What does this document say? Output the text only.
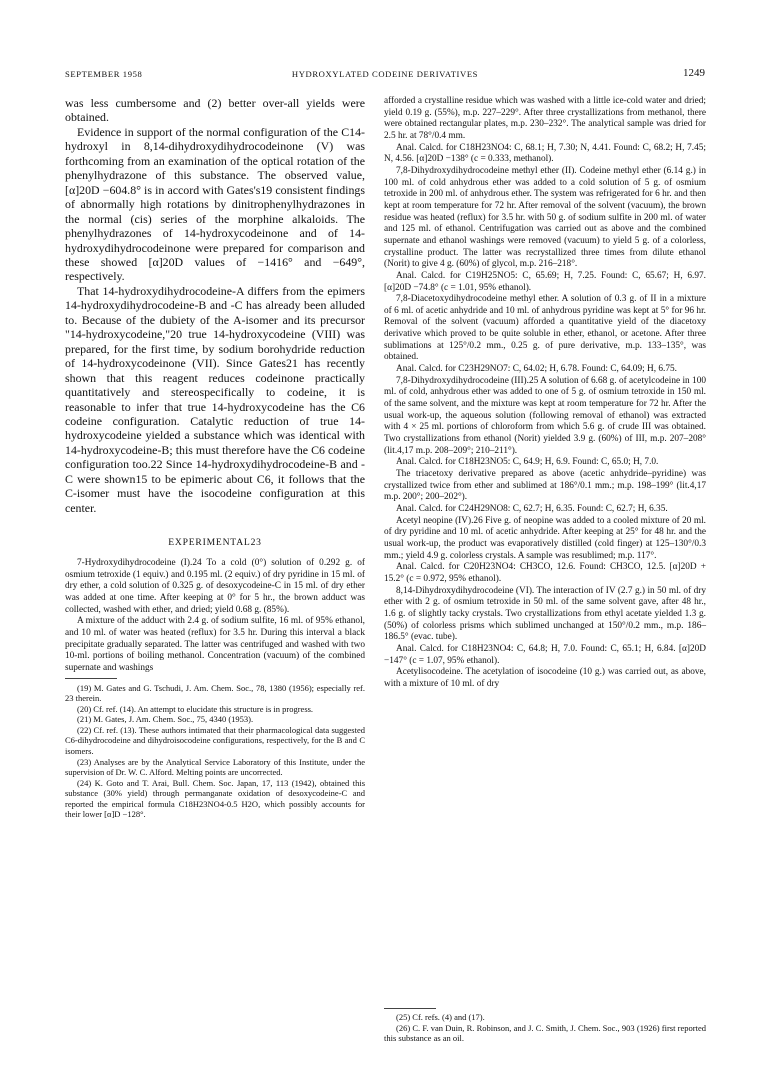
SEPTEMBER 1958	HYDROXYLATED CODEINE DERIVATIVES	1249

was less cumbersome and (2) better over-all yields were obtained.

Evidence in support of the normal configuration of the C14-hydroxyl in 8,14-dihydroxydihydrocodeinone (V) was forthcoming from an examination of the optical rotation of the phenylhydrazone of this substance. The observed value, [α]20D −604.8° is in accord with Gates's19 consistent findings of abnormally high rotations by dinitrophenylhydrazones in the normal (cis) series of the morphine alkaloids. The phenylhydrazones of 14-hydroxycodeinone and of 14-hydroxydihydrocodeinone were prepared for comparison and these showed [α]20D values of −1416° and −649°, respectively.

That 14-hydroxydihydrocodeine-A differs from the epimers 14-hydroxydihydrocodeine-B and -C has already been alluded to. Because of the dubiety of the A-isomer and its precursor "14-hydroxycodeine,"20 true 14-hydroxycodeine (VIII) was prepared, for the first time, by sodium borohydride reduction of 14-hydroxycodeinone (VII). Since Gates21 has recently shown that this reagent reduces codeinone practically quantitatively and stereospecifically to codeine, it is reasonable to infer that true 14-hydroxycodeine has the C6 codeine configuration. Catalytic reduction of true 14-hydroxycodeine yielded a substance which was identical with 14-hydroxycodeine-B; this must therefore have the C6 codeine configuration too.22 Since 14-hydroxydihydrocodeine-B and -C were shown15 to be epimeric about C6, it follows that the C-isomer must have the isocodeine configuration at this center.

EXPERIMENTAL23

7-Hydroxydihydrocodeine (I).24 To a cold (0°) solution of 0.292 g. of osmium tetroxide (1 equiv.) and 0.195 ml. (2 equiv.) of dry pyridine in 15 ml. of dry ether, a cold solution of 0.325 g. of desoxycodeine-C in 15 ml. of dry ether was added at one time. After keeping at 0° for 5 hr., the brown adduct was collected, washed with ether, and dried; yield 0.68 g. (85%).

A mixture of the adduct with 2.4 g. of sodium sulfite, 16 ml. of 95% ethanol, and 10 ml. of water was heated (reflux) for 3.5 hr. During this interval a black precipitate gradually separated. The latter was centrifuged and washed with two 10-ml. portions of boiling methanol. Concentration (vacuum) of the combined supernate and washings

(19) M. Gates and G. Tschudi, J. Am. Chem. Soc., 78, 1380 (1956); especially ref. 23 therein.

(20) Cf. ref. (14). An attempt to elucidate this structure is in progress.

(21) M. Gates, J. Am. Chem. Soc., 75, 4340 (1953).

(22) Cf. ref. (13). These authors intimated that their pharmacological data suggested C6-dihydrocodeine and dihydroisocodeine configurations, respectively, for the B and C isomers.

(23) Analyses are by the Analytical Service Laboratory of this Institute, under the supervision of Dr. W. C. Alford. Melting points are uncorrected.

(24) K. Goto and T. Arai, Bull. Chem. Soc. Japan, 17, 113 (1942), obtained this substance (30% yield) through permanganate oxidation of desoxycodeine-C and reported the empirical formula C18H23NO4-0.5 H2O, which possibly accounts for their lower [α]D −128°.

afforded a crystalline residue which was washed with a little ice-cold water and dried; yield 0.19 g. (55%), m.p. 227–229°. After three crystallizations from methanol, there were obtained rectangular plates, m.p. 230–232°. The analytical sample was dried for 2.5 hr. at 78°/0.4 mm.

Anal. Calcd. for C18H23NO4: C, 68.1; H, 7.30; N, 4.41. Found: C, 68.2; H, 7.45; N, 4.56. [α]20D −138° (c = 0.333, methanol).

7,8-Dihydroxydihydrocodeine methyl ether (II). Codeine methyl ether (6.14 g.) in 100 ml. of cold anhydrous ether was added to a cold solution of 5 g. of osmium tetroxide in 200 ml. of anhydrous ether. The system was refrigerated for 6 hr. and then kept at room temperature for 72 hr. After removal of the solvent (vacuum), the brown residue was heated (reflux) for 3.5 hr. with 50 g. of sodium sulfite in 200 ml. of water and 125 ml. of ethanol. Centrifugation was carried out as above and the combined supernate and ethanol washings were removed (vacuum) to yield 5 g. of a colorless, crystalline product. The latter was recrystallized three times from dilute ethanol (Norit) to give 4 g. (60%) of glycol, m.p. 216–218°.

Anal. Calcd. for C19H25NO5: C, 65.69; H, 7.25. Found: C, 65.67; H, 6.97. [α]20D −74.8° (c = 1.01, 95% ethanol).

7,8-Diacetoxydihydrocodeine methyl ether. A solution of 0.3 g. of II in a mixture of 6 ml. of acetic anhydride and 10 ml. of anhydrous pyridine was kept at 5° for 96 hr. Removal of the solvent (vacuum) afforded a quantitative yield of the diacetoxy derivative which proved to be quite soluble in ether, ethanol, or acetone. After three sublimations at 125°/0.2 mm., 0.25 g. of pure derivative, m.p. 133–135°, was obtained.

Anal. Calcd. for C23H29NO7: C, 64.02; H, 6.78. Found: C, 64.09; H, 6.75.

7,8-Dihydroxydihydrocodeine (III).25 A solution of 6.68 g. of acetylcodeine in 100 ml. of cold, anhydrous ether was added to one of 5 g. of osmium tetroxide in 150 ml. of the same solvent, and the mixture was kept at room temperature for 72 hr. After the usual work-up, the aqueous solution (following removal of ethanol) was extracted with 4 × 25 ml. portions of chloroform from which 5.6 g. of crude III was obtained. Two crystallizations from ethanol (Norit) yielded 3.9 g. (60%) of III, m.p. 207–208° (lit.4,17 m.p. 208–209°; 210–211°).

Anal. Calcd. for C18H23NO5: C, 64.9; H, 6.9. Found: C, 65.0; H, 7.0.

The triacetoxy derivative prepared as above (acetic anhydride–pyridine) was crystallized twice from ether and sublimed at 186°/0.1 mm.; m.p. 198–199° (lit.4,17 m.p. 200°; 200–202°).

Anal. Calcd. for C24H29NO8: C, 62.7; H, 6.35. Found: C, 62.7; H, 6.35.

Acetyl neopine (IV).26 Five g. of neopine was added to a cooled mixture of 20 ml. of dry pyridine and 10 ml. of acetic anhydride. After keeping at 25° for 48 hr. and the usual work-up, the product was evaporatively distilled (cold finger) at 125–130°/0.3 mm.; yield 4.9 g. colorless crystals. A sample was resublimed; m.p. 117°.

Anal. Calcd. for C20H23NO4: CH3CO, 12.6. Found: CH3CO, 12.5. [α]20D + 15.2° (c = 0.972, 95% ethanol).

8,14-Dihydroxydihydrocodeine (VI). The interaction of IV (2.7 g.) in 50 ml. of dry ether with 2 g. of osmium tetroxide in 50 ml. of the same solvent gave, after 48 hr., 1.6 g. of slightly tacky crystals. Two crystallizations from ethyl acetate yielded 1.3 g. (50%) of colorless prisms which sublimed unchanged at 150°/0.2 mm., m.p. 186–186.5° (evac. tube).

Anal. Calcd. for C18H23NO4: C, 64.8; H, 7.0. Found: C, 65.1; H, 6.84. [α]20D −147° (c = 1.07, 95% ethanol).

Acetylisocodeine. The acetylation of isocodeine (10 g.) was carried out, as above, with a mixture of 10 ml. of dry

(25) Cf. refs. (4) and (17).

(26) C. F. van Duin, R. Robinson, and J. C. Smith, J. Chem. Soc., 903 (1926) first reported this substance as an oil.
